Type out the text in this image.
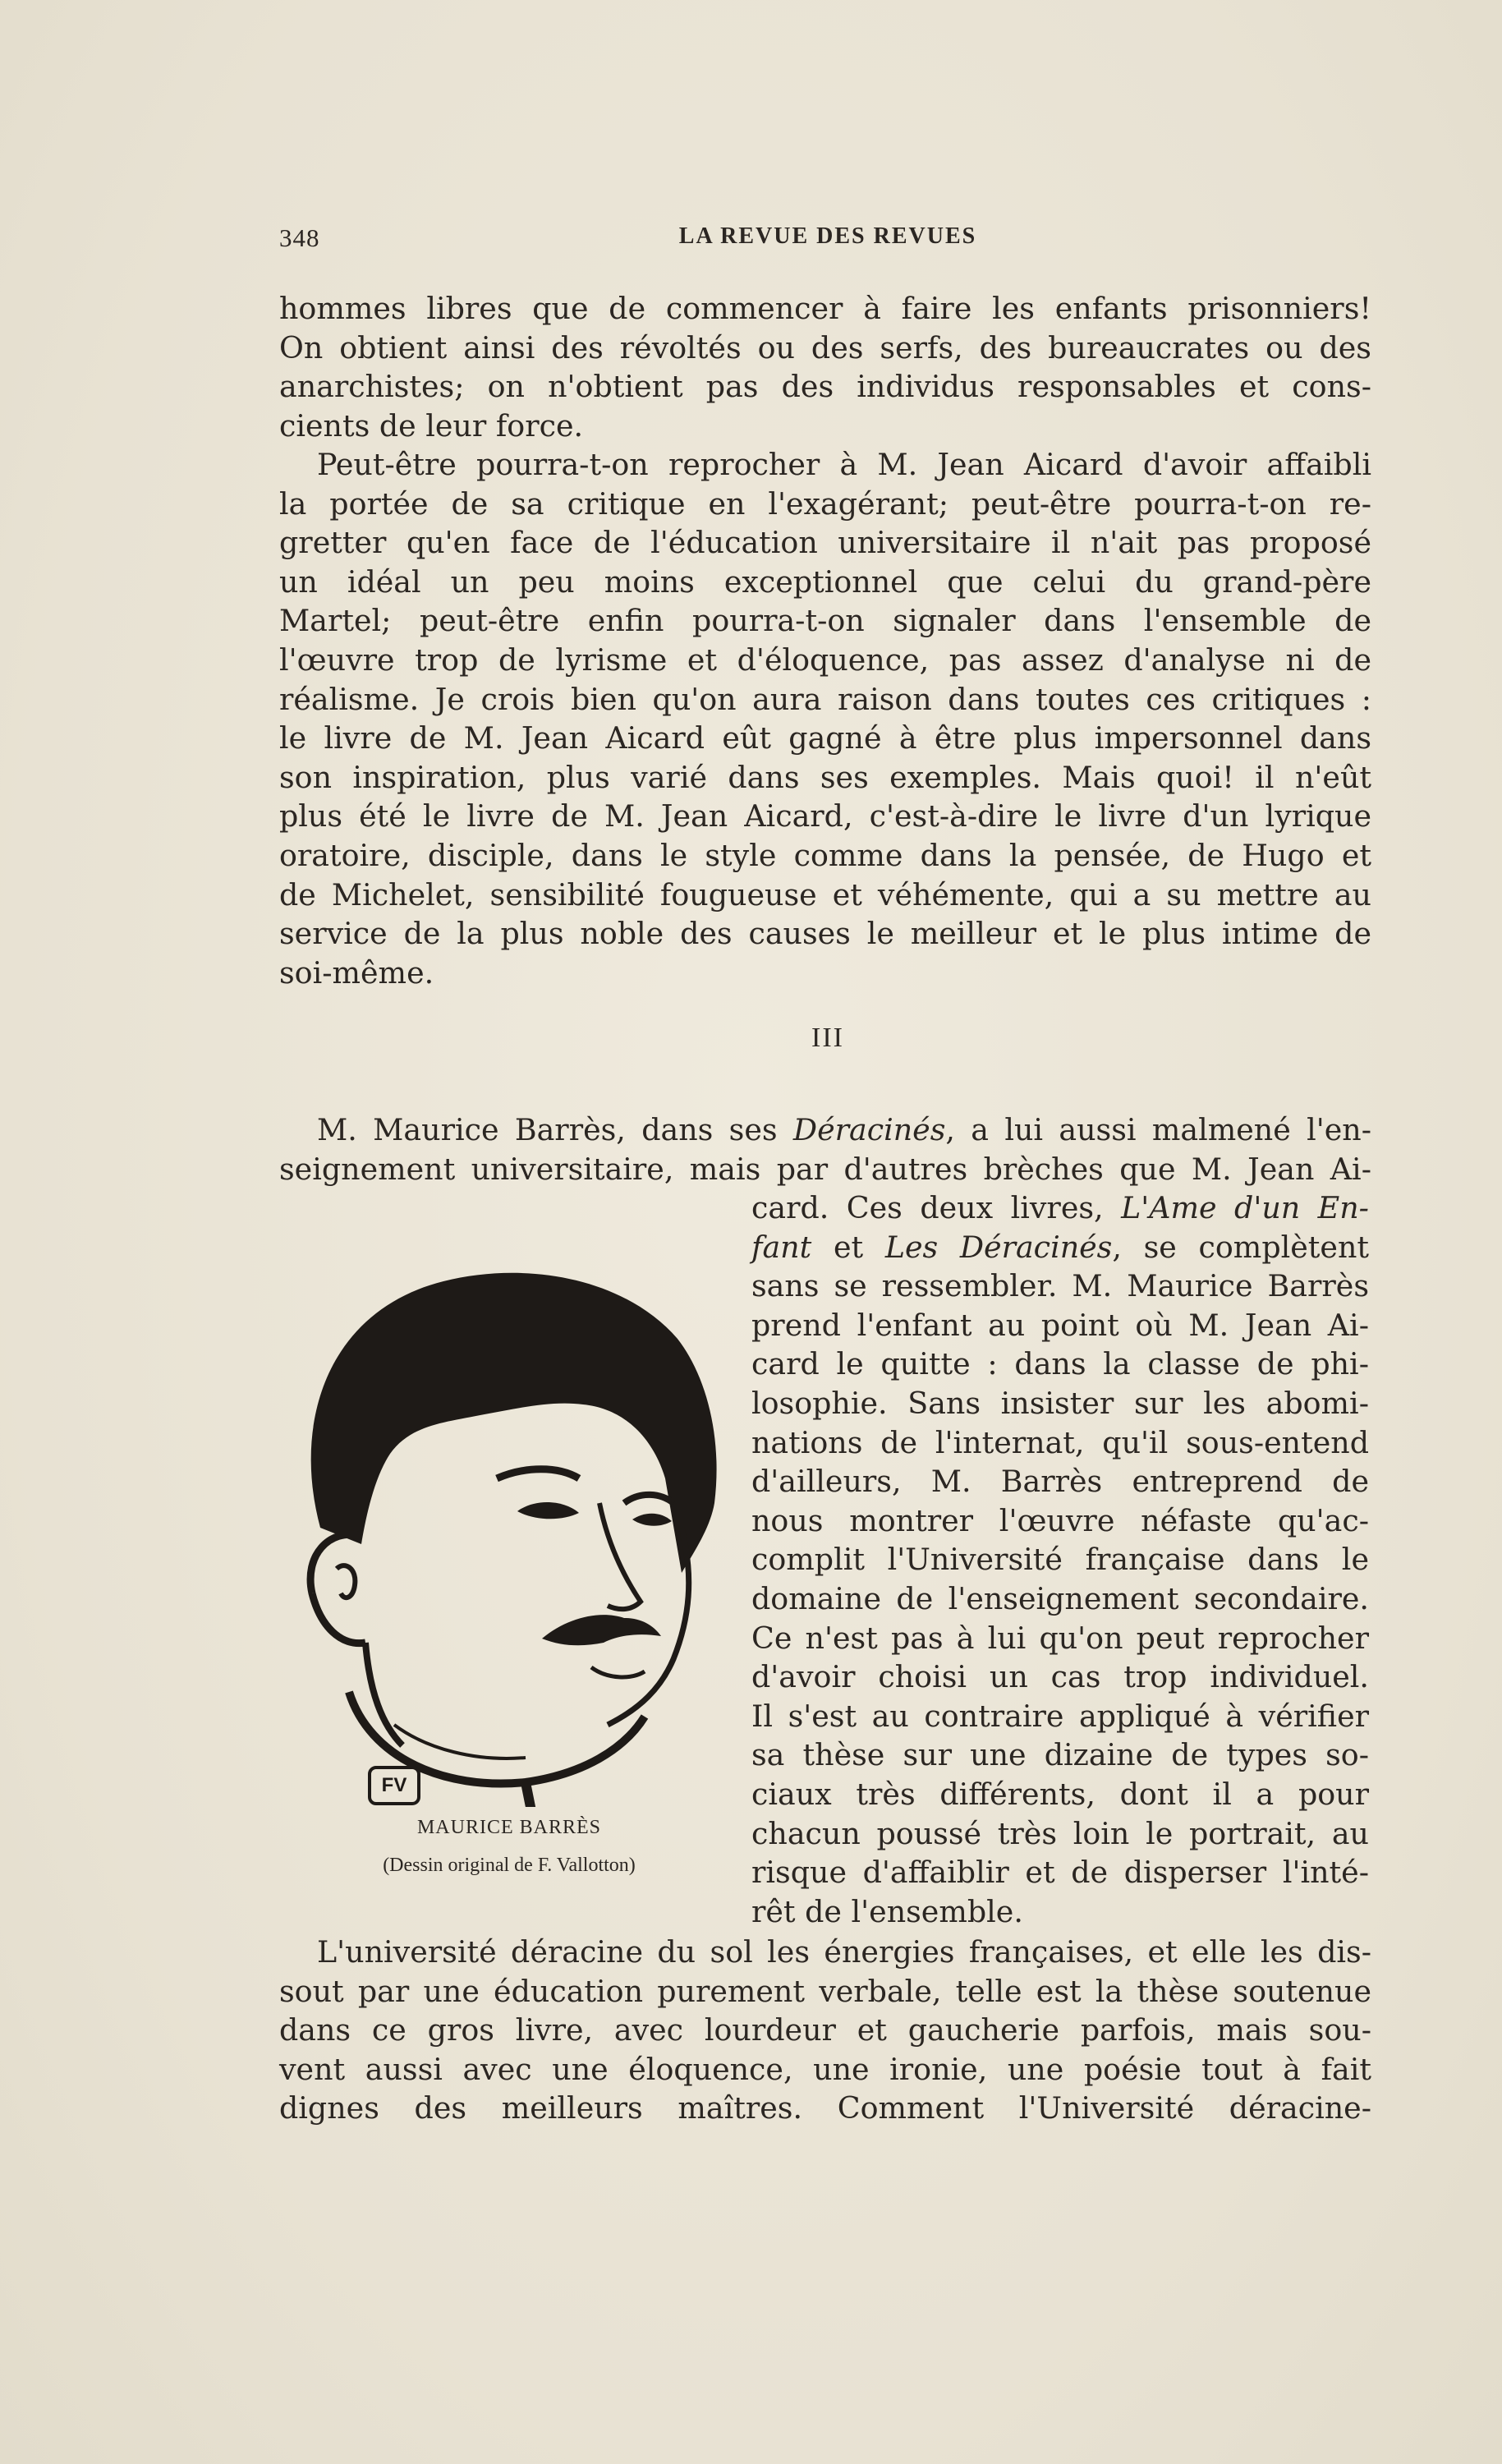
348	LA REVUE DES REVUES
hommes libres que de commencer à faire les enfants prisonniers!
On obtient ainsi des révoltés ou des serfs, des bureaucrates ou des
anarchistes; on n'obtient pas des individus responsables et cons-
cients de leur force.
Peut-être pourra-t-on reprocher à M. Jean Aicard d'avoir affaibli
la portée de sa critique en l'exagérant; peut-être pourra-t-on re-
gretter qu'en face de l'éducation universitaire il n'ait pas proposé
un idéal un peu moins exceptionnel que celui du grand-père
Martel; peut-être enfin pourra-t-on signaler dans l'ensemble de
l'œuvre trop de lyrisme et d'éloquence, pas assez d'analyse ni de
réalisme. Je crois bien qu'on aura raison dans toutes ces critiques :
le livre de M. Jean Aicard eût gagné à être plus impersonnel dans
son inspiration, plus varié dans ses exemples. Mais quoi! il n'eût
plus été le livre de M. Jean Aicard, c'est-à-dire le livre d'un lyrique
oratoire, disciple, dans le style comme dans la pensée, de Hugo et
de Michelet, sensibilité fougueuse et véhémente, qui a su mettre au
service de la plus noble des causes le meilleur et le plus intime de
soi-même.
III
M. Maurice Barrès, dans ses Déracinés, a lui aussi malmené l'en-
seignement universitaire, mais par d'autres brèches que M. Jean Ai-
card. Ces deux livres, L'Ame d'un En-
fant et Les Déracinés, se complètent
sans se ressembler. M. Maurice Barrès
prend l'enfant au point où M. Jean Ai-
card le quitte : dans la classe de phi-
losophie. Sans insister sur les abomi-
nations de l'internat, qu'il sous-entend
d'ailleurs, M. Barrès entreprend de
nous montrer l'œuvre néfaste qu'ac-
complit l'Université française dans le
domaine de l'enseignement secondaire.
Ce n'est pas à lui qu'on peut reprocher
d'avoir choisi un cas trop individuel.
Il s'est au contraire appliqué à vérifier
sa thèse sur une dizaine de types so-
ciaux très différents, dont il a pour
chacun poussé très loin le portrait, au
risque d'affaiblir et de disperser l'inté-
rêt de l'ensemble.
FV
MAURICE BARRÈS
(Dessin original de F. Vallotton)
L'université déracine du sol les énergies françaises, et elle les dis-
sout par une éducation purement verbale, telle est la thèse soutenue
dans ce gros livre, avec lourdeur et gaucherie parfois, mais sou-
vent aussi avec une éloquence, une ironie, une poésie tout à fait
dignes des meilleurs maîtres. Comment l'Université déracine-
